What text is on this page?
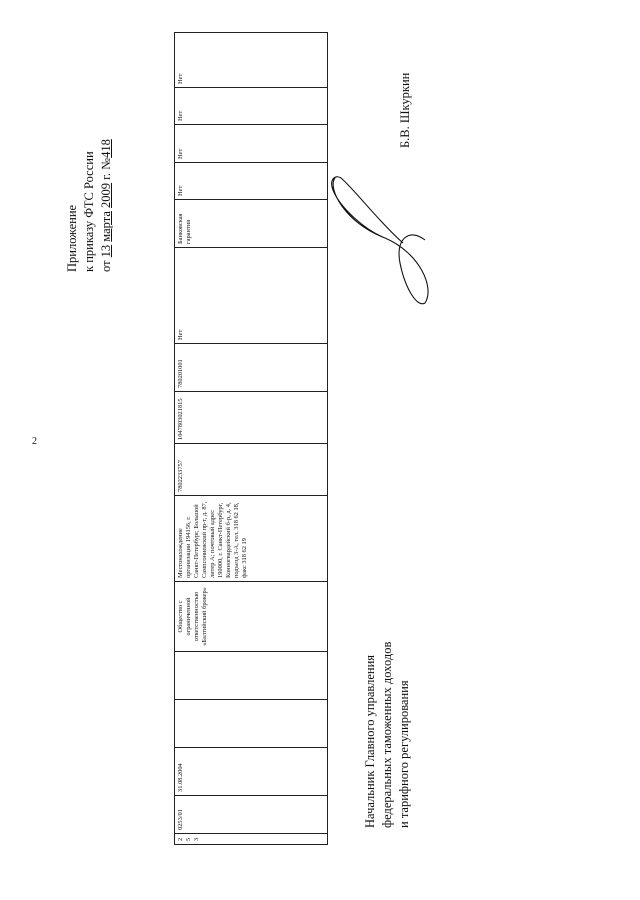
2
Приложение к приказу ФТС России от 13 марта 2009 г. №418
253	0253/01	31.08.2004			Общество с ограниченной ответственностью «Балтийский брокер»	Местонахождение организации 194156, г. Санкт-Петербург, Большой Сампсониевский пр-т, д. 87, литер А; почтовый адрес 190000, г. Санкт-Петербург, Конногвардейский б-р, д. 4, подъезд 3-А, тел. 318 62 18, факс 318 62 19	7802233757	1047803021815	780201001	Нет	Банковская гарантия	Нет	Нет	Нет	Нет	Б.В. Шкуркин
Начальник Главного управления федеральных таможенных доходов и тарифного регулирования
